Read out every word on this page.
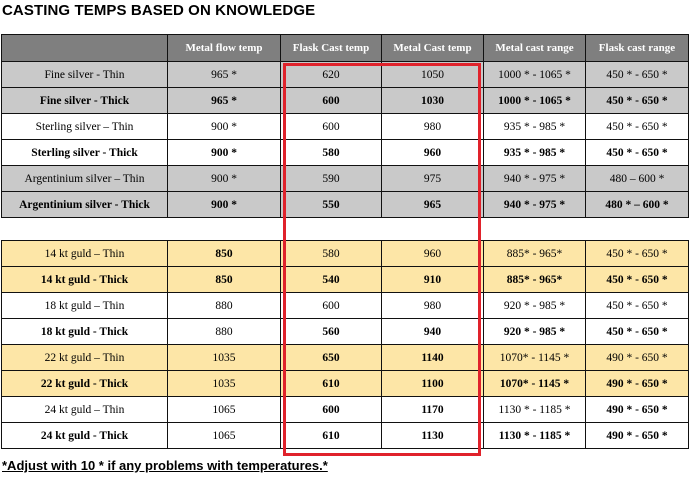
CASTING TEMPS BASED ON KNOWLEDGE
	Metal flow temp	Flask Cast temp	Metal Cast temp	Metal cast range	Flask cast range
Fine silver - Thin	965 *	620	1050	1000 * - 1065 *	450 * - 650 *
Fine silver - Thick	965 *	600	1030	1000 * - 1065 *	450 * - 650 *
Sterling silver – Thin	900 *	600	980	935 * - 985 *	450 * - 650 *
Sterling silver - Thick	900 *	580	960	935 * - 985 *	450 * - 650 *
Argentinium silver – Thin	900 *	590	975	940 * - 975 *	480 – 600 *
Argentinium silver - Thick	900 *	550	965	940 * - 975 *	480 * – 600 *

14 kt guld – Thin	850	580	960	885* - 965*	450 * - 650 *
14 kt guld - Thick	850	540	910	885* - 965*	450 * - 650 *
18 kt guld – Thin	880	600	980	920 * - 985 *	450 * - 650 *
18 kt guld - Thick	880	560	940	920 * - 985 *	450 * - 650 *
22 kt guld – Thin	1035	650	1140	1070* - 1145 *	490 * - 650 *
22 kt guld - Thick	1035	610	1100	1070* - 1145 *	490 * - 650 *
24 kt guld – Thin	1065	600	1170	1130 * - 1185 *	490 * - 650 *
24 kt guld - Thick	1065	610	1130	1130 * - 1185 *	490 * - 650 *
*Adjust with 10 * if any problems with temperatures.*
